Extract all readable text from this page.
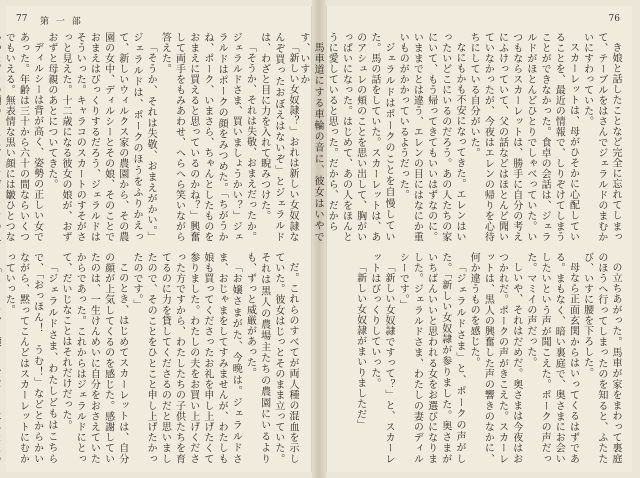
77 第 一 部

「新しい女奴隷？」おれは新しい女奴隷なんぞ買ったおぼえはないぞ」とジェラルドは、わざと目に力を入れて睨みつけた。

「そうか、それは失敬、おまえだったか。ジェラルドさま、買いましょうかい？」ジェラルドはポークの顔をみつめた。「ちがうかね、ポーク、いまさら、ちゃんとしたものをおまえに買えると思っているのかね？」興奮して両手をもみあわせ、へらへら笑いながら答えた。

「そうか、それは失敬、おまえがかい。」ジェラルドは、ポークのほうをふりかえって、新しいウィルクス家の農園から、その農園の女中、ディルシーとその娘、そのことでおまえはびっくりするだろう、ジェラルドはそういった。キャラコのスカートのすそがさっと見えた。十二歳になる彼女の娘が、おずおずと母親のあとについてきた。

ディルシーは背が高く、姿勢の正しい女であった。年齢は三十から六十の間ならいくつでもいえる。無表情な黒い顔には皺ひとつな

だ。これらのすべてが両人種の混血を示していた。彼女はじっとそのまま立っていた。それは黒人の農場主たちの農園にいるよりも、ずっと威厳があった。

「お嬢さまがた、今晩は。ジェラルドさま、おじゃまをしてすみませんが、わたしも娘も買ってくださったお礼を申し上げたくて参りました。わたしの夫をお買い上げくださった方ですから、わたしたちの子供たちを育てるのに力を貸してくださるのだと思いましたので、そのことをひとこと申し上げたかったのです。」

このとき、はじめてスカーレットは、自分の顔が上気してくるのを感じた。感謝していたのは、一生けんめいに自分をおさえていたからであった。これからはジェラルドにとって、だいじなことはそれだけだった。

「ジェラルドさま、わたしどもはこちらで、「おっほん！　うむ！」などとからかいながら、黙ってこんどはスカーレットにむかっていった。

76

き娘と話したことなど完全に忘れてしまって、テーブルをはさんでジェラルドのまむかいにすわっていた。

スカーレットは、母がひそかに心配していることを、最近の情報で、しりぞけてしまうことができなかった。食卓の会話は、ジェラルドがほとんどひとりでしゃべっていた。いつもならスカーレットは、勝手に自分の考えにふけっていて、父の話などはほとんど聞いていなかったが、今夜はエレンの帰りを心待ちにしている自分がいた。

なにもかも不安になってきた。エレンはいったいどこにいるのだろう。あの人たちの家にいて、もう帰ってきてもいいはずなのに。いままでとは違う、エレンの目にはなにか重いものがかかっているようだった。

ジェラルドはポークのことを自慢していた。馬の話をしていた。スカーレットは、あのアシュレの頬のことを思い出して、胸がいっぱいになった。はじめて、あの人をほんとうに愛していると思った。だから、だから

馬車道にする車輪の音に、彼女はいやです、いすか

の立ちあがった。馬車が家をまわって裏庭のほうへ行ってしまったのを知ると、ふたたび、いすに腰を下ろした。

母なら正面玄関からはいってくるはずである。まもなく、暗い裏庭で、奥さまにお会いしたいという声が聞こえた。ポークの声だった。マミイの声だった。

しいや、それはだめだ。奥さまは今夜はおつかれだ。ポークの声がきこえた。スカーレットは、黒人の興奮した声の響きのなかに、何か違うものを感じた。

「ジェラルドさま」と、ポークの声がした。「新しい女奴隷が参りました。奥さまがいちばんいいと思われる女をお選びになりました。ジェラルドさま、わたしの妻のディルシーです。」

「新しい女奴隷ですって？」と、スカーレットはびっくりしていった。

「新しい女奴隷がまいりましただ」
